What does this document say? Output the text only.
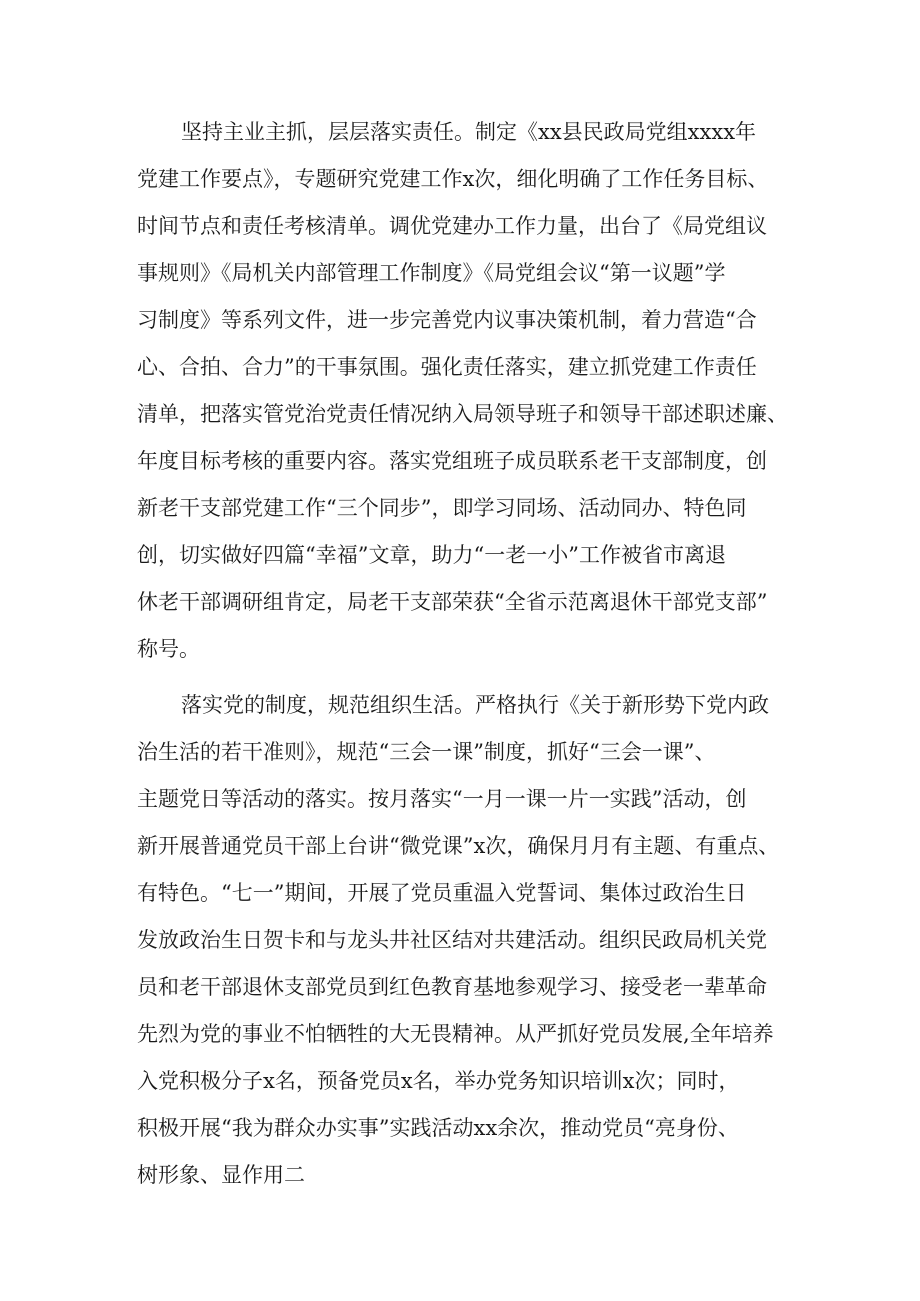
坚持主业主抓，层层落实责任。制定《xx县民政局党组xxxx年
党建工作要点》，专题研究党建工作x次，细化明确了工作任务目标、
时间节点和责任考核清单。调优党建办工作力量，出台了《局党组议
事规则》《局机关内部管理工作制度》《局党组会议“第一议题”学
习制度》等系列文件，进一步完善党内议事决策机制，着力营造“合
心、合拍、合力”的干事氛围。强化责任落实，建立抓党建工作责任
清单，把落实管党治党责任情况纳入局领导班子和领导干部述职述廉、
年度目标考核的重要内容。落实党组班子成员联系老干支部制度，创
新老干支部党建工作“三个同步”，即学习同场、活动同办、特色同
创，切实做好四篇“幸福”文章，助力“一老一小”工作被省市离退
休老干部调研组肯定，局老干支部荣获“全省示范离退休干部党支部”
称号。
落实党的制度，规范组织生活。严格执行《关于新形势下党内政
治生活的若干准则》，规范“三会一课”制度，抓好“三会一课”、
主题党日等活动的落实。按月落实“一月一课一片一实践”活动，创
新开展普通党员干部上台讲“微党课”x次，确保月月有主题、有重点、
有特色。“七一”期间，开展了党员重温入党誓词、集体过政治生日
发放政治生日贺卡和与龙头井社区结对共建活动。组织民政局机关党
员和老干部退休支部党员到红色教育基地参观学习、接受老一辈革命
先烈为党的事业不怕牺牲的大无畏精神。从严抓好党员发展,全年培养
入党积极分子x名，预备党员x名，举办党务知识培训x次；同时，
积极开展“我为群众办实事”实践活动xx余次，推动党员“亮身份、
树形象、显作用二
